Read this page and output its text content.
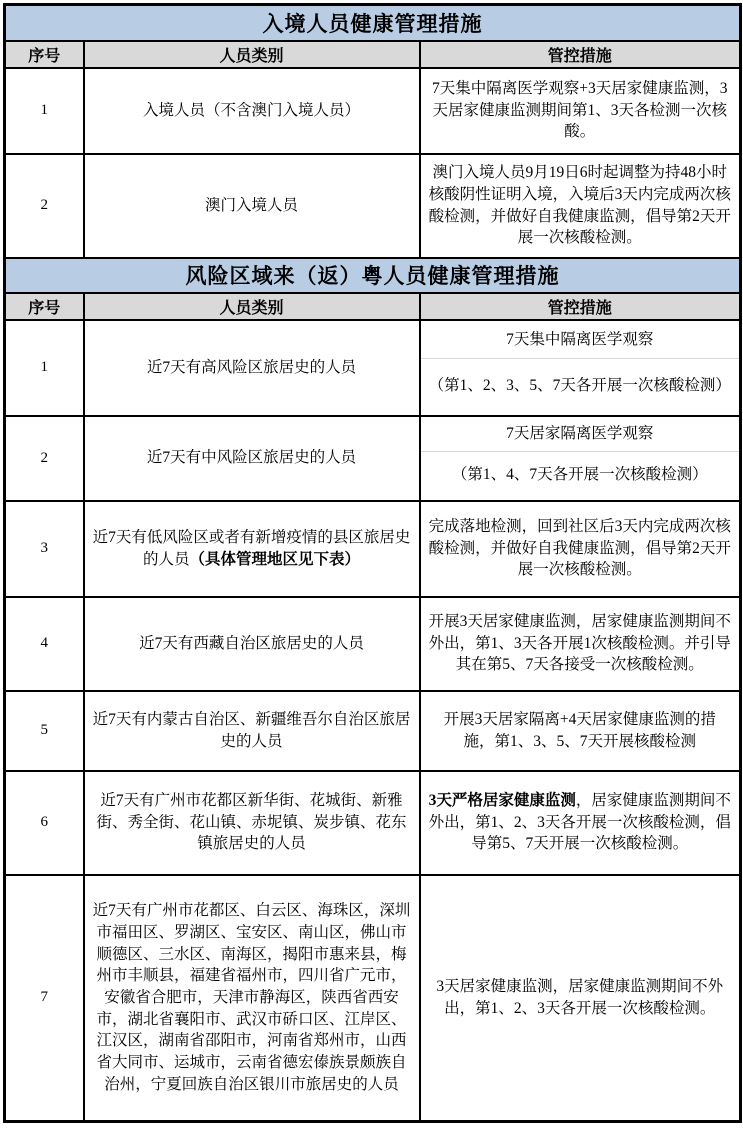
入境人员健康管理措施		
序号	人员类别	管控措施
1	入境人员（不含澳门入境人员）	7天集中隔离医学观察+3天居家健康监测，3天居家健康监测期间第1、3天各检测一次核酸。
2	澳门入境人员	澳门入境人员9月19日6时起调整为持48小时核酸阴性证明入境，入境后3天内完成两次核酸检测，并做好自我健康监测，倡导第2天开展一次核酸检测。
风险区域来（返）粤人员健康管理措施		
序号	人员类别	管控措施
1	近7天有高风险区旅居史的人员	7天集中隔离医学观察
（第1、2、3、5、7天各开展一次核酸检测）

2	近7天有中风险区旅居史的人员	7天居家隔离医学观察
（第1、4、7天各开展一次核酸检测）

3	近7天有低风险区或者有新增疫情的县区旅居史的人员（具体管理地区见下表）	完成落地检测，回到社区后3天内完成两次核酸检测，并做好自我健康监测，倡导第2天开展一次核酸检测。
4	近7天有西藏自治区旅居史的人员	开展3天居家健康监测，居家健康监测期间不外出，第1、3天各开展1次核酸检测。并引导其在第5、7天各接受一次核酸检测。
5	近7天有内蒙古自治区、新疆维吾尔自治区旅居史的人员	开展3天居家隔离+4天居家健康监测的措施，第1、3、5、7天开展核酸检测
6	近7天有广州市花都区新华街、花城街、新雅街、秀全街、花山镇、赤坭镇、炭步镇、花东镇旅居史的人员	3天严格居家健康监测，居家健康监测期间不外出，第1、2、3天各开展一次核酸检测，倡导第5、7天开展一次核酸检测。
7	近7天有广州市花都区、白云区、海珠区，深圳市福田区、罗湖区、宝安区、南山区，佛山市顺德区、三水区、南海区，揭阳市惠来县，梅州市丰顺县，福建省福州市，四川省广元市，安徽省合肥市，天津市静海区，陕西省西安市，湖北省襄阳市、武汉市硚口区、江岸区、江汉区，湖南省邵阳市，河南省郑州市，山西省大同市、运城市，云南省德宏傣族景颇族自治州，宁夏回族自治区银川市旅居史的人员	3天居家健康监测，居家健康监测期间不外出，第1、2、3天各开展一次核酸检测。
